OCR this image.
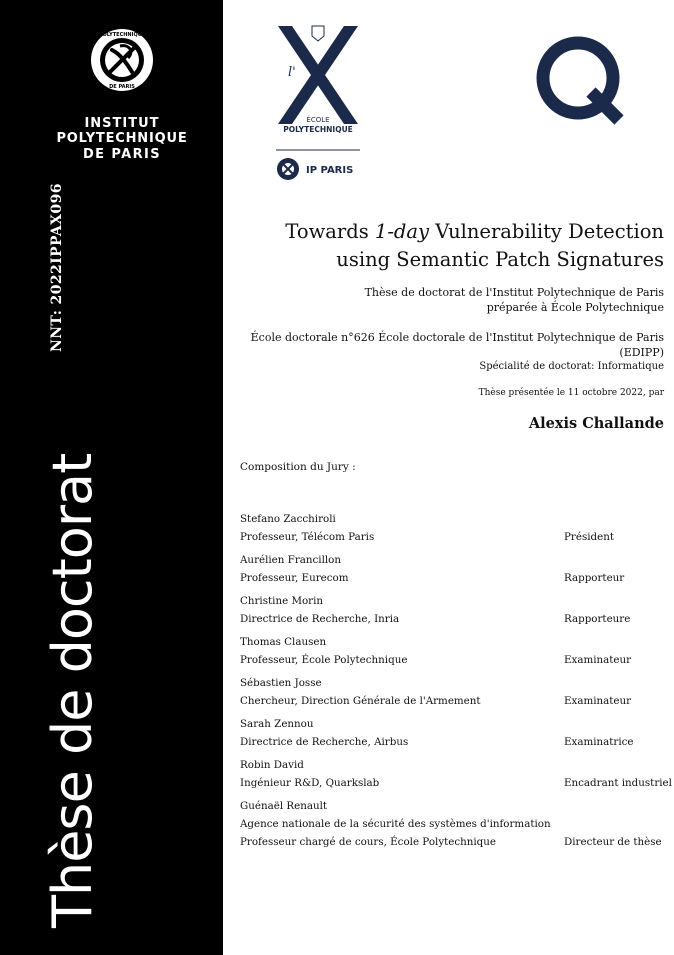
POLYTECHNIQUE
DE PARIS
INSTITUT
POLYTECHNIQUE
DE PARIS
NNT: 2022IPPAX096
Thèse de doctorat
l'
ÉCOLE
POLYTECHNIQUE
IP PARIS
Towards 1-day Vulnerability Detection using Semantic Patch Signatures
Thèse de doctorat de l'Institut Polytechnique de Paris
préparée à École Polytechnique
École doctorale n°626 École doctorale de l'Institut Polytechnique de Paris (EDIPP)
Spécialité de doctorat: Informatique
Thèse présentée le 11 octobre 2022, par
Alexis Challande
Composition du Jury :
Stefano Zacchiroli
Professeur, Télécom Paris	Président
Aurélien Francillon
Professeur, Eurecom	Rapporteur
Christine Morin
Directrice de Recherche, Inria	Rapporteure
Thomas Clausen
Professeur, École Polytechnique	Examinateur
Sébastien Josse
Chercheur, Direction Générale de l'Armement	Examinateur
Sarah Zennou
Directrice de Recherche, Airbus	Examinatrice
Robin David
Ingénieur R&D, Quarkslab	Encadrant industriel
Guénaël Renault
Agence nationale de la sécurité des systèmes d'information
Professeur chargé de cours, École Polytechnique	Directeur de thèse
